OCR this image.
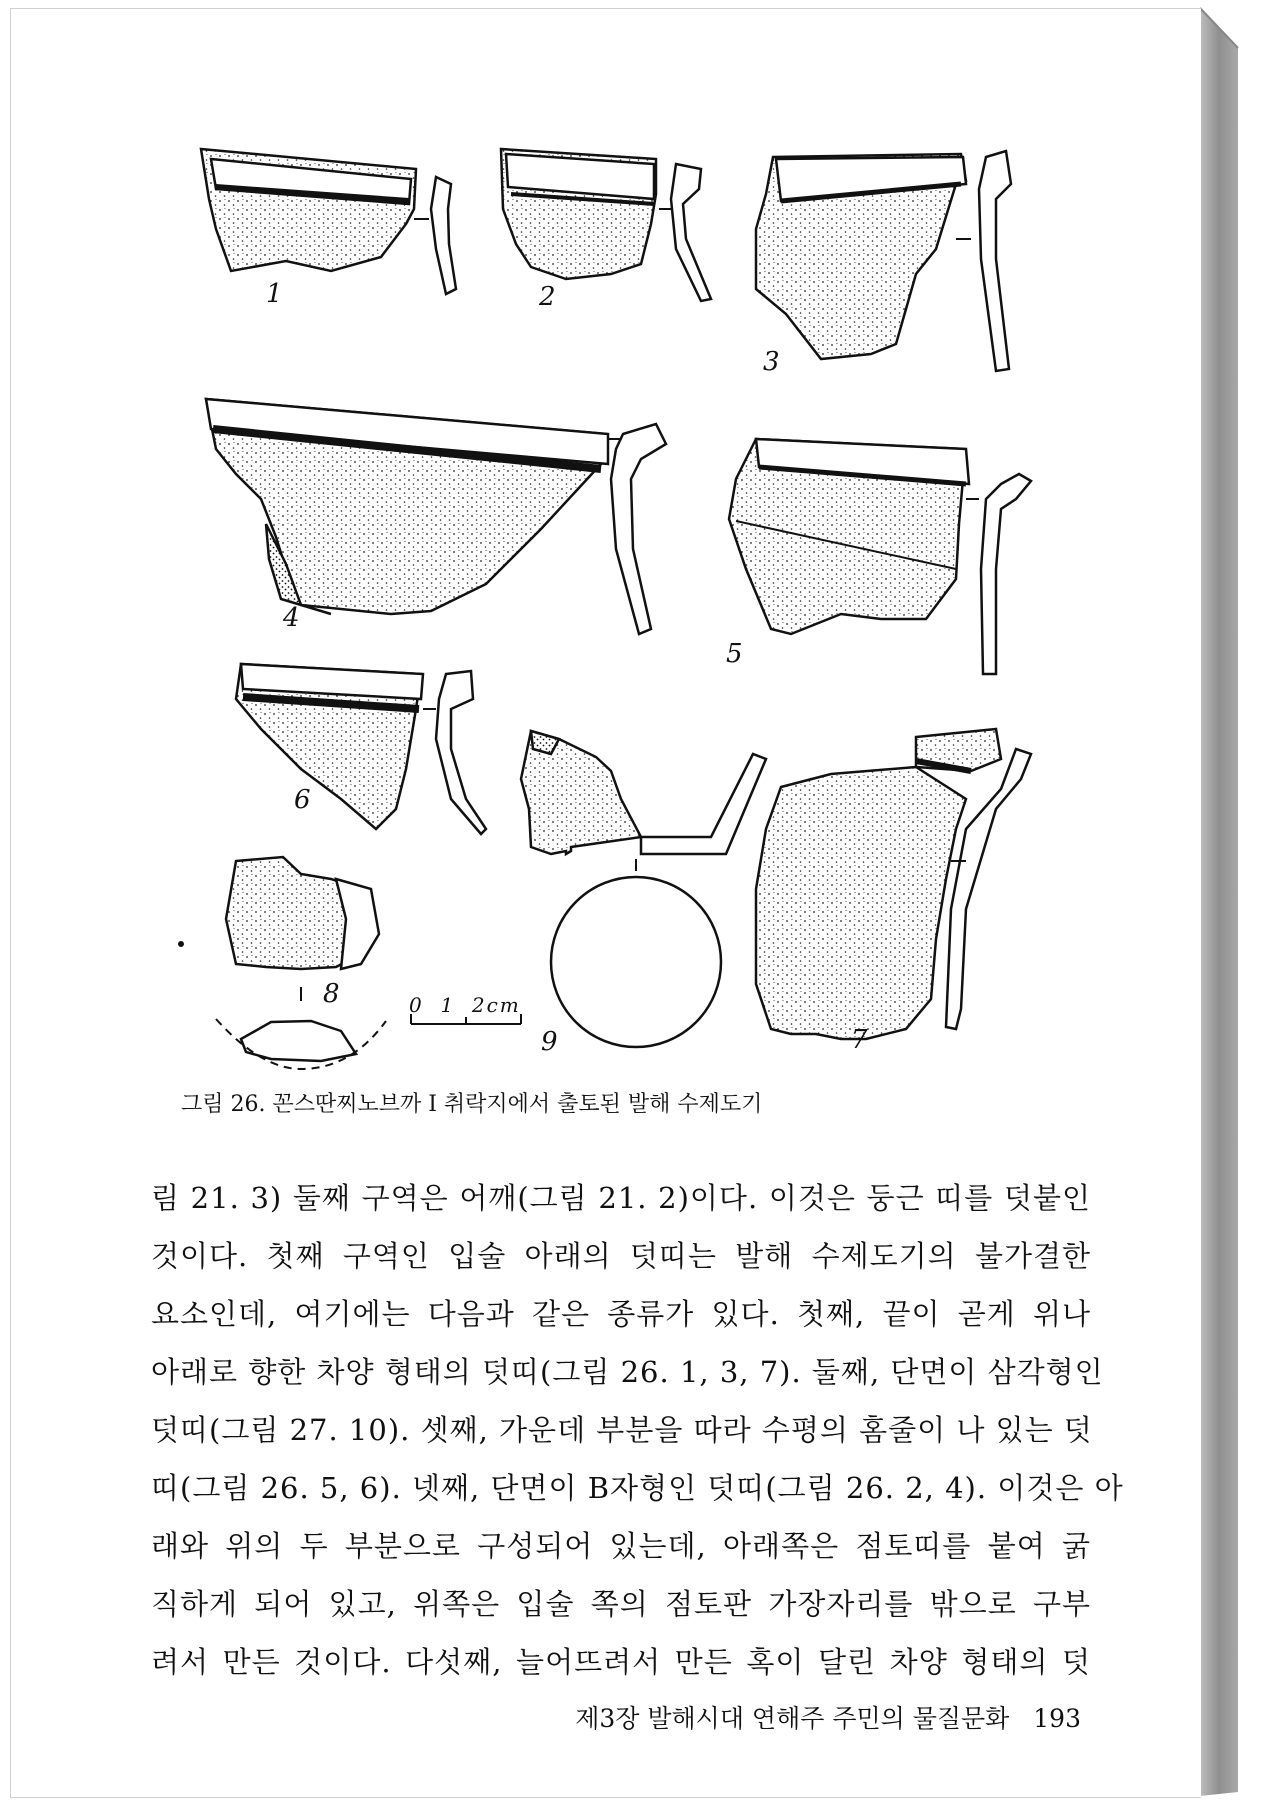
1	2
3
4
5
6
7
8
9
0  1  2cm
그림 26. 꼰스딴찌노브까 I 취락지에서 출토된 발해 수제도기
림 21. 3) 둘째 구역은 어깨(그림 21. 2)이다. 이것은 둥근 띠를 덧붙인
것이다. 첫째 구역인 입술 아래의 덧띠는 발해 수제도기의 불가결한
요소인데, 여기에는 다음과 같은 종류가 있다. 첫째, 끝이 곧게 위나
아래로 향한 차양 형태의 덧띠(그림 26. 1, 3, 7). 둘째, 단면이 삼각형인
덧띠(그림 27. 10). 셋째, 가운데 부분을 따라 수평의 홈줄이 나 있는 덧
띠(그림 26. 5, 6). 넷째, 단면이 B자형인 덧띠(그림 26. 2, 4). 이것은 아
래와 위의 두 부분으로 구성되어 있는데, 아래쪽은 점토띠를 붙여 굵
직하게 되어 있고, 위쪽은 입술 쪽의 점토판 가장자리를 밖으로 구부
려서 만든 것이다. 다섯째, 늘어뜨려서 만든 혹이 달린 차양 형태의 덧
제3장 발해시대 연해주 주민의 물질문화 193
